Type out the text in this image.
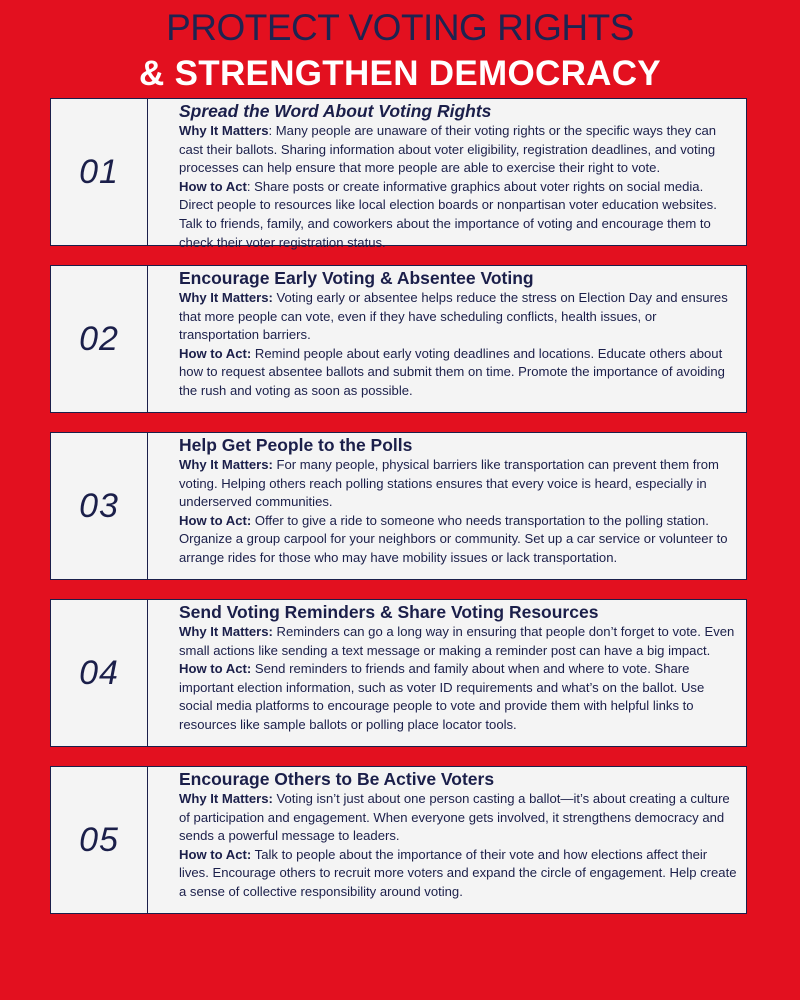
PROTECT VOTING RIGHTS
& STRENGTHEN DEMOCRACY
01
Spread the Word About Voting Rights
Why It Matters: Many people are unaware of their voting rights or the specific ways they can cast their ballots. Sharing information about voter eligibility, registration deadlines, and voting processes can help ensure that more people are able to exercise their right to vote.
How to Act: Share posts or create informative graphics about voter rights on social media. Direct people to resources like local election boards or nonpartisan voter education websites. Talk to friends, family, and coworkers about the importance of voting and encourage them to check their voter registration status.
02
Encourage Early Voting & Absentee Voting
Why It Matters: Voting early or absentee helps reduce the stress on Election Day and ensures that more people can vote, even if they have scheduling conflicts, health issues, or transportation barriers.
How to Act: Remind people about early voting deadlines and locations. Educate others about how to request absentee ballots and submit them on time. Promote the importance of avoiding the rush and voting as soon as possible.
03
Help Get People to the Polls
Why It Matters: For many people, physical barriers like transportation can prevent them from voting. Helping others reach polling stations ensures that every voice is heard, especially in underserved communities.
How to Act: Offer to give a ride to someone who needs transportation to the polling station. Organize a group carpool for your neighbors or community. Set up a car service or volunteer to arrange rides for those who may have mobility issues or lack transportation.
04
Send Voting Reminders & Share Voting Resources
Why It Matters: Reminders can go a long way in ensuring that people don’t forget to vote. Even small actions like sending a text message or making a reminder post can have a big impact.
How to Act: Send reminders to friends and family about when and where to vote. Share important election information, such as voter ID requirements and what’s on the ballot. Use social media platforms to encourage people to vote and provide them with helpful links to resources like sample ballots or polling place locator tools.
05
Encourage Others to Be Active Voters
Why It Matters: Voting isn’t just about one person casting a ballot—it’s about creating a culture of participation and engagement. When everyone gets involved, it strengthens democracy and sends a powerful message to leaders.
How to Act: Talk to people about the importance of their vote and how elections affect their lives. Encourage others to recruit more voters and expand the circle of engagement. Help create a sense of collective responsibility around voting.
